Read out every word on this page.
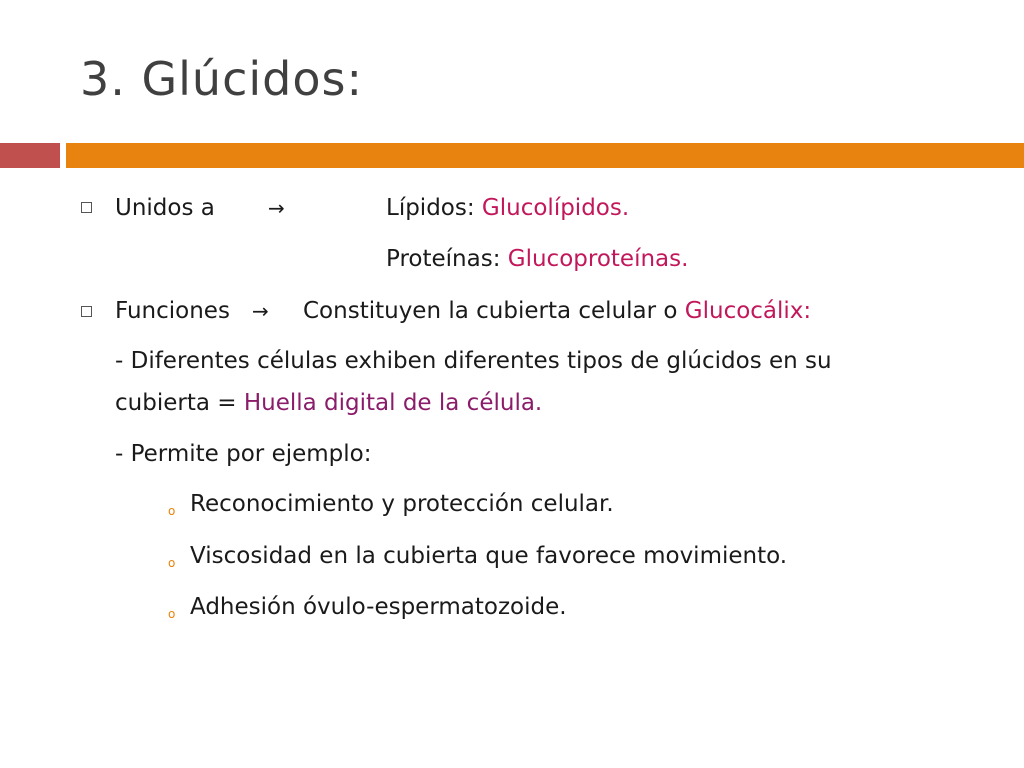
3. Glúcidos:
Unidos a	→	Lípidos: Glucolípidos.
Proteínas: Glucoproteínas.
Funciones → Constituyen la cubierta celular o Glucocálix:
- Diferentes células exhiben diferentes tipos de glúcidos en su
cubierta = Huella digital de la célula.
- Permite por ejemplo:
o Reconocimiento y protección celular.
o Viscosidad en la cubierta que favorece movimiento.
o Adhesión óvulo-espermatozoide.
